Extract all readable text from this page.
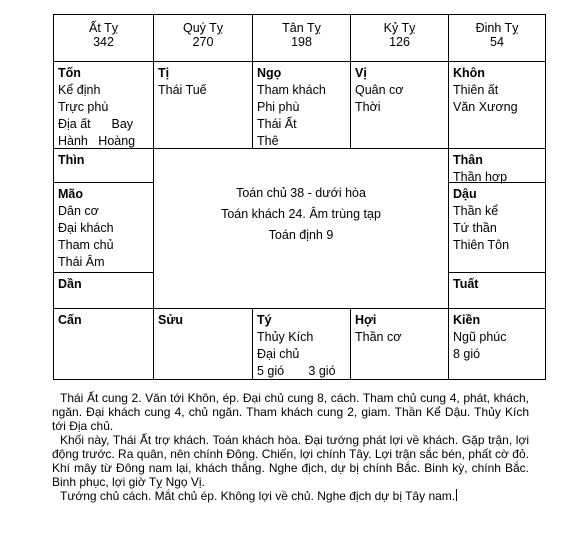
Ất Tỵ
342
Quý Tỵ
270
Tân Tỵ
198
Kỷ Tỵ
126
Đinh Tỵ
54
Tốn
Kể định
Trực phù
Địa ất      Bay
Hành   Hoàng
Tị
Thái Tuế
Ngọ
Tham khách
Phi phù
Thái Ất
Thê
Vị
Quân cơ
Thời
Khôn
Thiên ất
Văn Xương
Thìn
Mão
Dân cơ
Đại khách
Tham chủ
Thái Âm
Dần
Thân
Thần hợp
Dậu
Thần kể
Tứ thần
Thiên Tôn
Tuất
Cấn	Sửu	Tý
Thủy Kích
Đại chủ
5 gió       3 gió
Hợi
Thần cơ
Kiền
Ngũ phúc
8 gió
Toán chủ 38 - dưới hòa
Toán khách 24. Âm trùng tạp
Toán định 9

Thái Ất cung 2. Văn tới Khôn, ép. Đại chủ cung 8, cách. Tham chủ cung 4, phát, khách, ngăn. Đại khách cung 4, chủ ngăn. Tham khách cung 2, giam. Thần Kể Dậu. Thủy Kích tới Địa chủ.

Khối này, Thái Ất trợ khách. Toán khách hòa. Đại tướng phát lợi về khách. Gặp trận, lợi động trước. Ra quân, nên chính Đông. Chiến, lợi chính Tây. Lợi trận sắc bén, phất cờ đỏ. Khí mây từ Đông nam lại, khách thắng. Nghe địch, dự bị chính Bắc. Binh kỳ, chính Bắc. Binh phục, lợi giờ Tỵ Ngọ Vị.

Tướng chủ cách. Mắt chủ ép. Không lợi về chủ. Nghe địch dự bị Tây nam.
